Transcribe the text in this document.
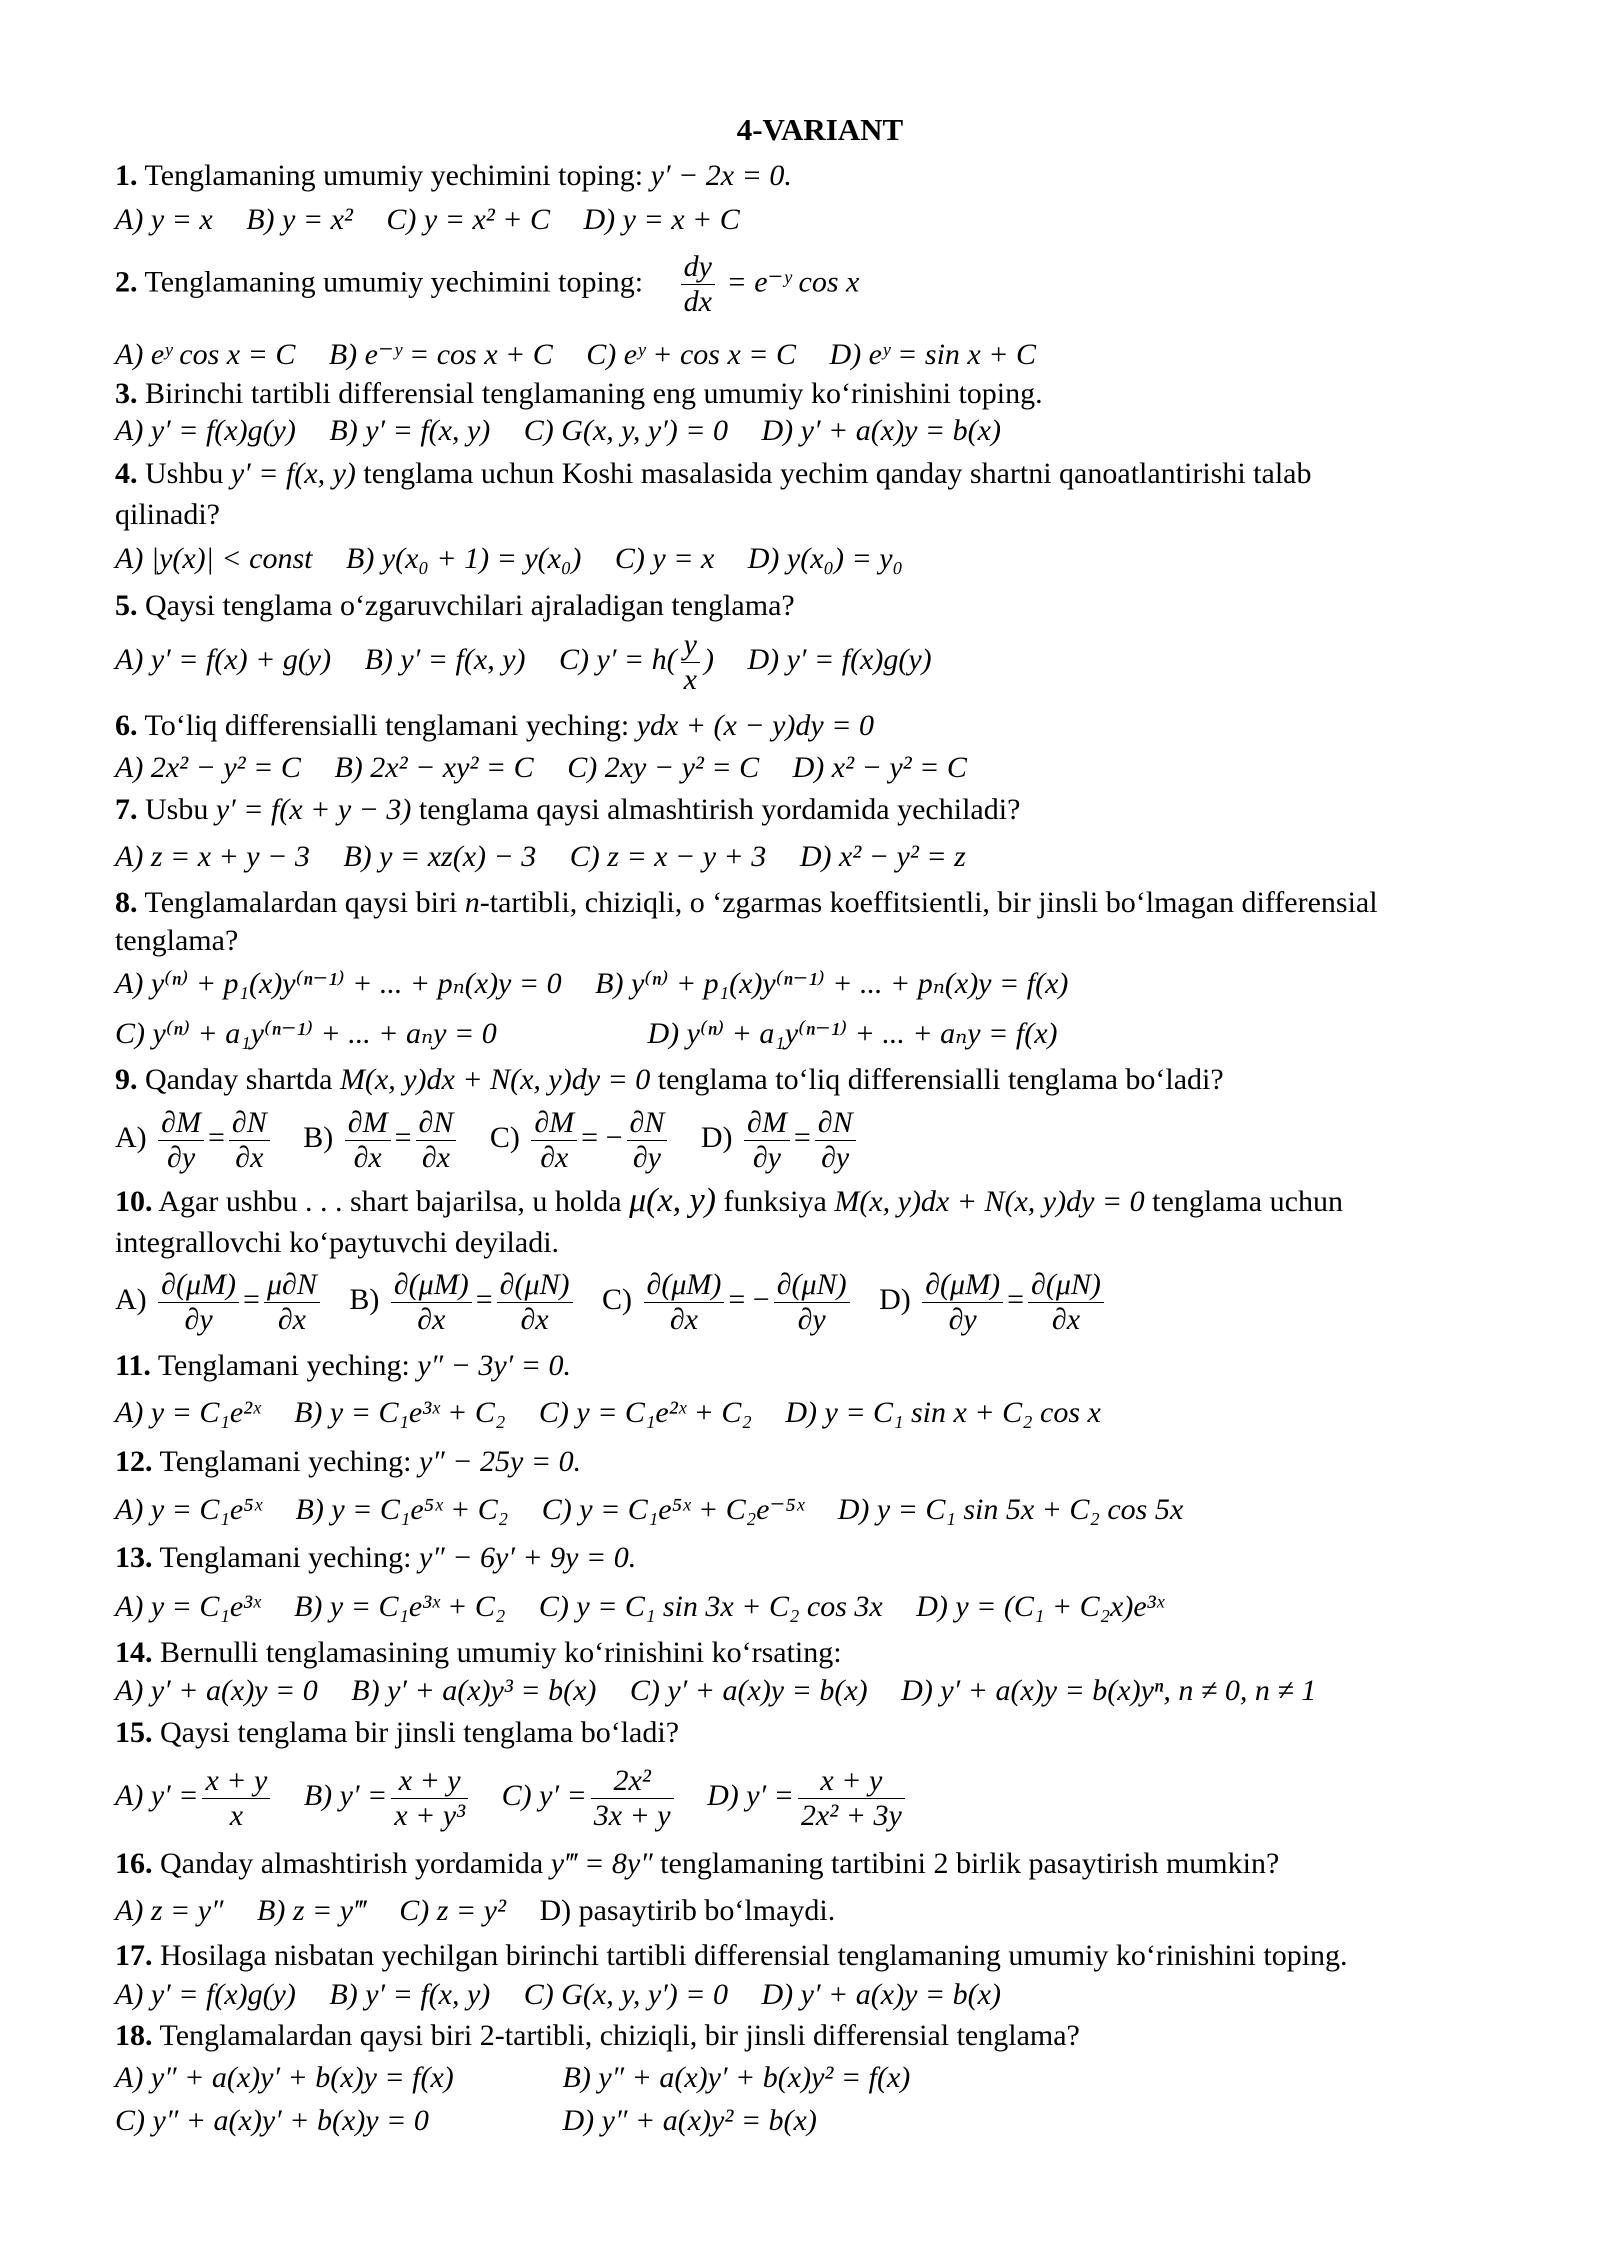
4-VARIANT
1. Tenglamaning umumiy yechimini toping: y′ − 2x = 0.
A) y = x B) y = x² C) y = x² + C D) y = x + C
2. Tenglamaning umumiy yechimini toping: $\frac{dy}{dx}$ = e⁻ʸ cos x
A) eʸ cos x = C B) e⁻ʸ = cos x + C C) eʸ + cos x = C D) eʸ = sin x + C
3. Birinchi tartibli differensial tenglamaning eng umumiy ko‘rinishini toping.
A) y′ = f(x)g(y) B) y′ = f(x, y) C) G(x, y, y′) = 0 D) y′ + a(x)y = b(x)
4. Ushbu y′ = f(x, y) tenglama uchun Koshi masalasida yechim qanday shartni qanoatlantirishi talab
qilinadi?
A) |y(x)| < const B) y(x₀ + 1) = y(x₀) C) y = x D) y(x₀) = y₀
5. Qaysi tenglama o‘zgaruvchilari ajraladigan tenglama?
A) y′ = f(x) + g(y) B) y′ = f(x, y) C) $y' = h( \frac{y}{x}$ ) D) y′ = f(x)g(y)
6. To‘liq differensialli tenglamani yeching: ydx + (x − y)dy = 0
A) 2x² − y² = C B) 2x² − xy² = C C) 2xy − y² = C D) x² − y² = C
7. Usbu y′ = f(x + y − 3) tenglama qaysi almashtirish yordamida yechiladi?
A) z = x + y − 3 B) y = xz(x) − 3 C) z = x − y + 3 D) x² − y² = z
8. Tenglamalardan qaysi biri n-tartibli, chiziqli, o ‘zgarmas koeffitsientli, bir jinsli bo‘lmagan differensial
tenglama?
A) y⁽ⁿ⁾ + p₁(x)y⁽ⁿ⁻¹⁾ + ... + pₙ(x)y = 0 B) y⁽ⁿ⁾ + p₁(x)y⁽ⁿ⁻¹⁾ + ... + pₙ(x)y = f(x)
C) y⁽ⁿ⁾ + a₁y⁽ⁿ⁻¹⁾ + ... + aₙy = 0	D) y⁽ⁿ⁾ + a₁y⁽ⁿ⁻¹⁾ + ... + aₙy = f(x)
9. Qanday shartda M(x, y)dx + N(x, y)dy = 0 tenglama to‘liq differensialli tenglama bo‘ladi?
$A) \frac{\partial M}{\partial y} = \frac{\partial N}{\partial x} B) \frac{\partial M}{\partial x} = \frac{\partial N}{\partial x} C) \frac{\partial M}{\partial x}$ = − $\frac{\partial N}{\partial y} D) \frac{\partial M}{\partial y} = \frac{\partial N}{\partial y}$
10. Agar ushbu . . . shart bajarilsa, u holda μ(x, y) funksiya M(x, y)dx + N(x, y)dy = 0 tenglama uchun
integrallovchi ko‘paytuvchi deyiladi.
$A) \frac{\partial(\mu M)}{\partial y} = \frac{\mu\partial N}{\partial x} B) \frac{\partial(\mu M)}{\partial x} = \frac{\partial(\mu N)}{\partial x} C) \frac{\partial(\mu M)}{\partial x}$ = − $\frac{\partial(\mu N)}{\partial y} D) \frac{\partial(\mu M)}{\partial y} = \frac{\partial(\mu N)}{\partial x}$
11. Tenglamani yeching: y″ − 3y′ = 0.
A) y = C₁e²ˣ B) y = C₁e³ˣ + C₂ C) y = C₁e²ˣ + C₂ D) y = C₁ sin x + C₂ cos x
12. Tenglamani yeching: y″ − 25y = 0.
A) y = C₁e⁵ˣ B) y = C₁e⁵ˣ + C₂ C) y = C₁e⁵ˣ + C₂e⁻⁵ˣ D) y = C₁ sin 5x + C₂ cos 5x
13. Tenglamani yeching: y″ − 6y′ + 9y = 0.
A) y = C₁e³ˣ B) y = C₁e³ˣ + C₂ C) y = C₁ sin 3x + C₂ cos 3x D) y = (C₁ + C₂x)e³ˣ
14. Bernulli tenglamasining umumiy ko‘rinishini ko‘rsating:
A) y′ + a(x)y = 0 B) y′ + a(x)y³ = b(x) C) y′ + a(x)y = b(x) D) y′ + a(x)y = b(x)yⁿ, n ≠ 0, n ≠ 1
15. Qaysi tenglama bir jinsli tenglama bo‘ladi?
A) $y' = \frac{x + y}{x} B$) $y' = \frac{x + y}{\text{x + y³}} C$) $y' = \frac{\text{2x²}}{3x + y} D$) $y' = \frac{x + y}{\text{2x² + 3y}}$
16. Qanday almashtirish yordamida y‴ = 8y″ tenglamaning tartibini 2 birlik pasaytirish mumkin?
A) z = y″ B) z = y‴ C) z = y² D) pasaytirib bo‘lmaydi.
17. Hosilaga nisbatan yechilgan birinchi tartibli differensial tenglamaning umumiy ko‘rinishini toping.
A) y′ = f(x)g(y) B) y′ = f(x, y) C) G(x, y, y′) = 0 D) y′ + a(x)y = b(x)
18. Tenglamalardan qaysi biri 2-tartibli, chiziqli, bir jinsli differensial tenglama?
A) y″ + a(x)y′ + b(x)y = f(x)	B) y″ + a(x)y′ + b(x)y² = f(x)
C) y″ + a(x)y′ + b(x)y = 0	D) y″ + a(x)y² = b(x)
